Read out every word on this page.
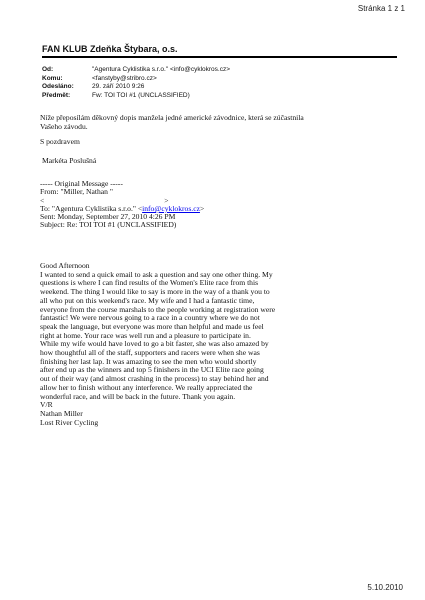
Stránka 1 z 1
FAN KLUB Zdeňka Štybara, o.s.
Od:	"Agentura Cyklistika s.r.o." <info@cyklokros.cz>
Komu:	<fanstyby@stribro.cz>
Odesláno:	29. září 2010 9:26
Předmět:	Fw: TOI TOI #1 (UNCLASSIFIED)
Níže přeposílám děkovný dopis manžela jedné americké závodnice, která se zúčastnila Vašeho závodu.
S pozdravem
Markéta Poslušná
----- Original Message -----
From: "Miller, Nathan "
<	>
To: "Agentura Cyklistika s.r.o." <info@cyklokros.cz>
Sent: Monday, September 27, 2010 4:26 PM
Subject: Re: TOI TOI #1 (UNCLASSIFIED)
Good Afternoon
I wanted to send a quick email to ask a question and say one other thing. My
questions is where I can find results of the Women's Elite race from this
weekend. The thing I would like to say is more in the way of a thank you to
all who put on this weekend's race. My wife and I had a fantastic time,
everyone from the course marshals to the people working at registration were
fantastic! We were nervous going to a race in a country where we do not
speak the language, but everyone was more than helpful and made us feel
right at home. Your race was well run and a pleasure to participate in.
While my wife would have loved to go a bit faster, she was also amazed by
how thoughtful all of the staff, supporters and racers were when she was
finishing her last lap. It was amazing to see the men who would shortly
after end up as the winners and top 5 finishers in the UCI Elite race going
out of their way (and almost crashing in the process) to stay behind her and
allow her to finish without any interference. We really appreciated the
wonderful race, and will be back in the future. Thank you again.
V/R
Nathan Miller
Lost River Cycling
5.10.2010
